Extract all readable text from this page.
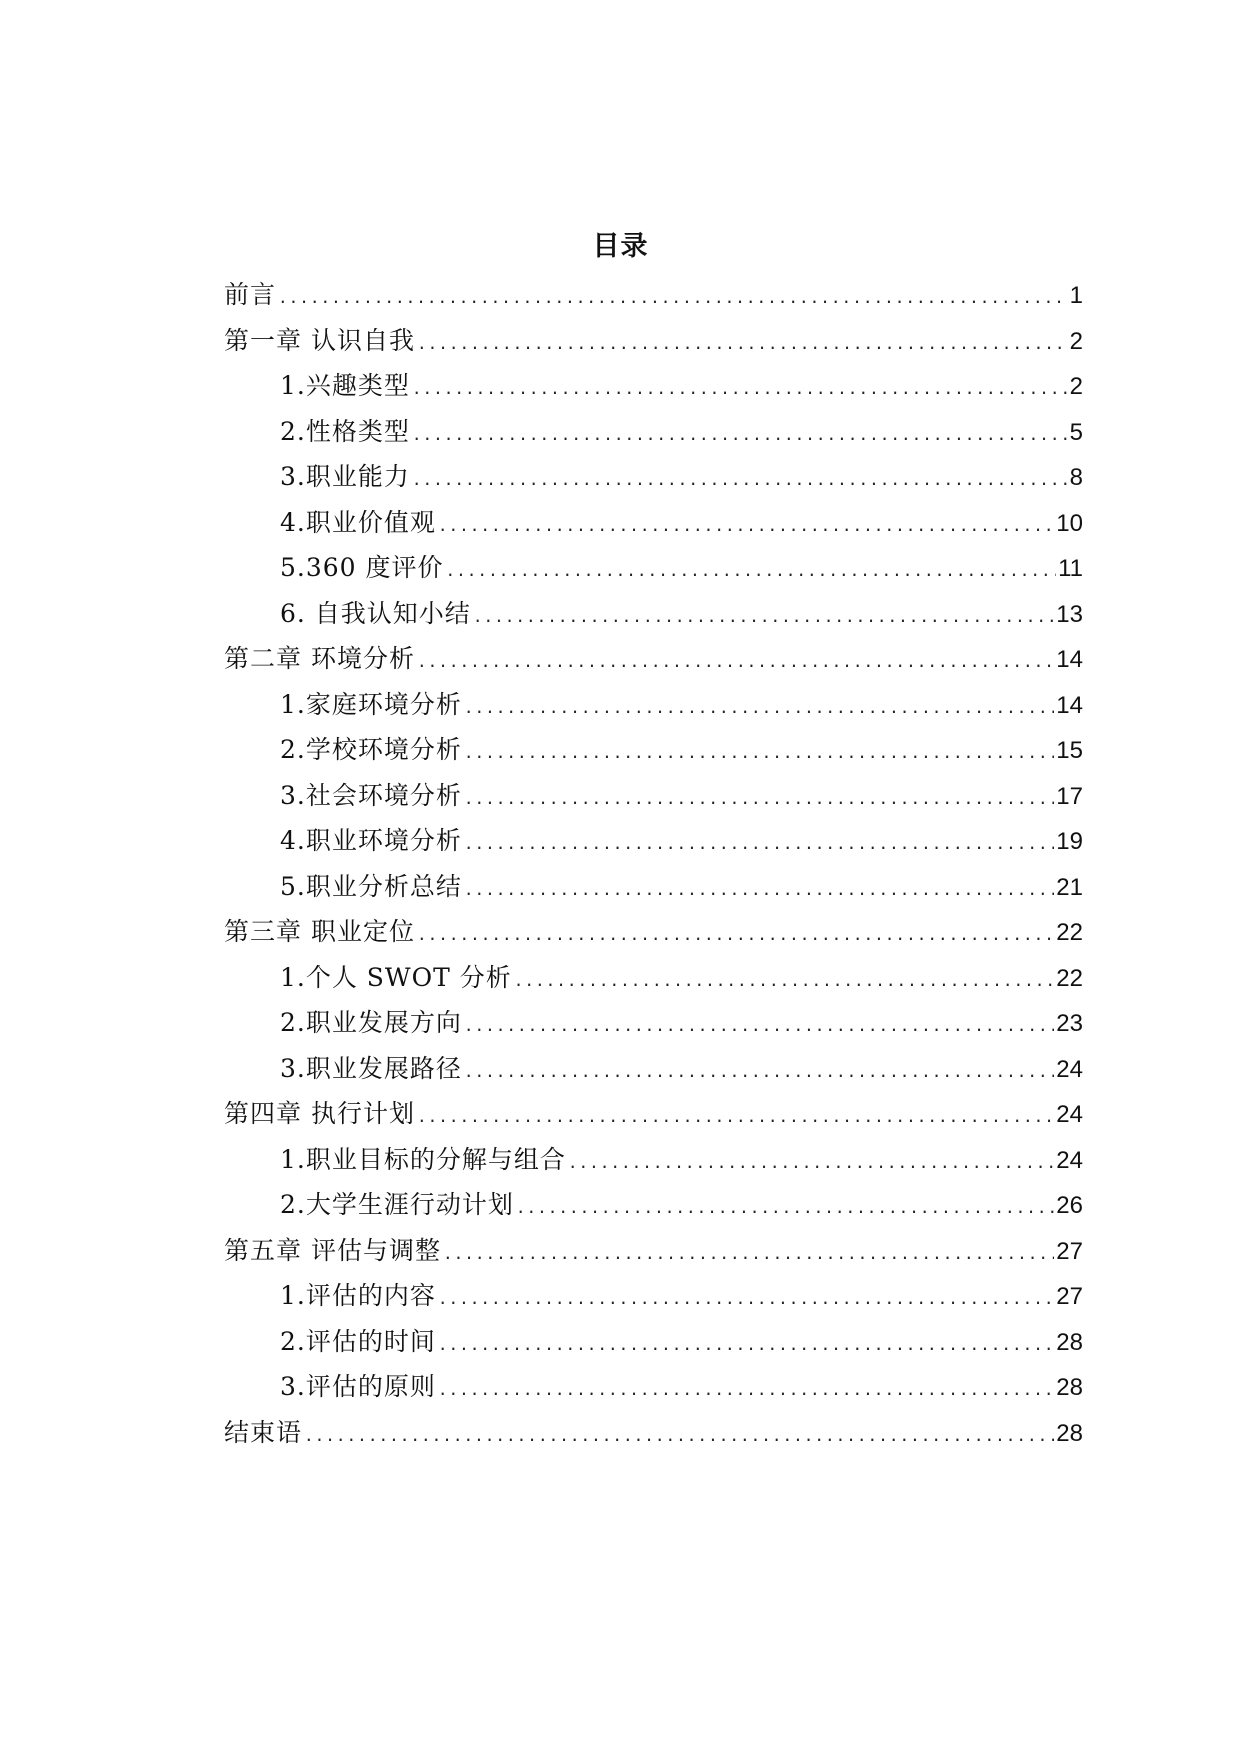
目录
前言 .....	1
第一章 认识自我 .....	2
1.兴趣类型 .....	2
2.性格类型 .....	5
3.职业能力 .....	8
4.职业价值观 .....	10
5.360 度评价 .....	11
6. 自我认知小结 .....	13
第二章 环境分析 .....	14
1.家庭环境分析 .....	14
2.学校环境分析 .....	15
3.社会环境分析 .....	17
4.职业环境分析 .....	19
5.职业分析总结 .....	21
第三章 职业定位 .....	22
1.个人 SWOT 分析 .....	22
2.职业发展方向 .....	23
3.职业发展路径 .....	24
第四章 执行计划 .....	24
1.职业目标的分解与组合 .....	24
2.大学生涯行动计划 .....	26
第五章 评估与调整 .....	27
1.评估的内容 .....	27
2.评估的时间 .....	28
3.评估的原则 .....	28
结束语 .....	28
